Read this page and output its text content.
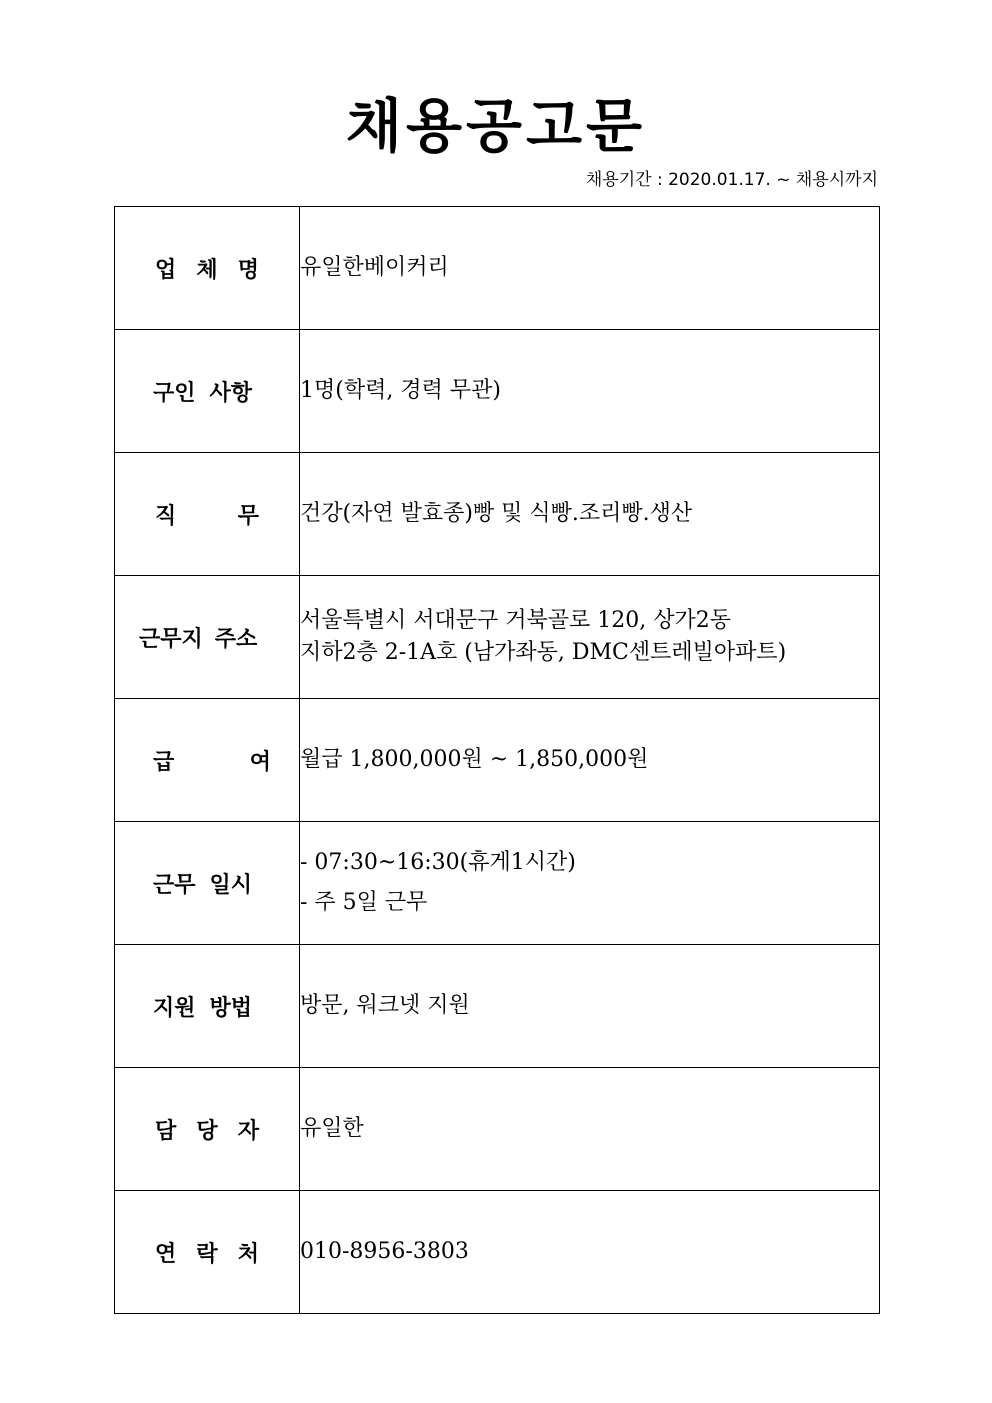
채용공고문
채용기간 : 2020.01.17. ~ 채용시까지
업 체 명	유일한베이커리

구인 사항	1명(학력, 경력 무관)

직 무	건강(자연 발효종)빵 및 식빵.조리빵.생산

근무지 주소	서울특별시 서대문구 거북골로 120, 상가2동
지하2층 2-1A호 (남가좌동, DMC센트레빌아파트)

급 여	월급 1,800,000원 ~ 1,850,000원

근무 일시	- 07:30~16:30(휴게1시간)
- 주 5일 근무

지원 방법	방문, 워크넷 지원

담 당 자	유일한

연 락 처	010-8956-3803
